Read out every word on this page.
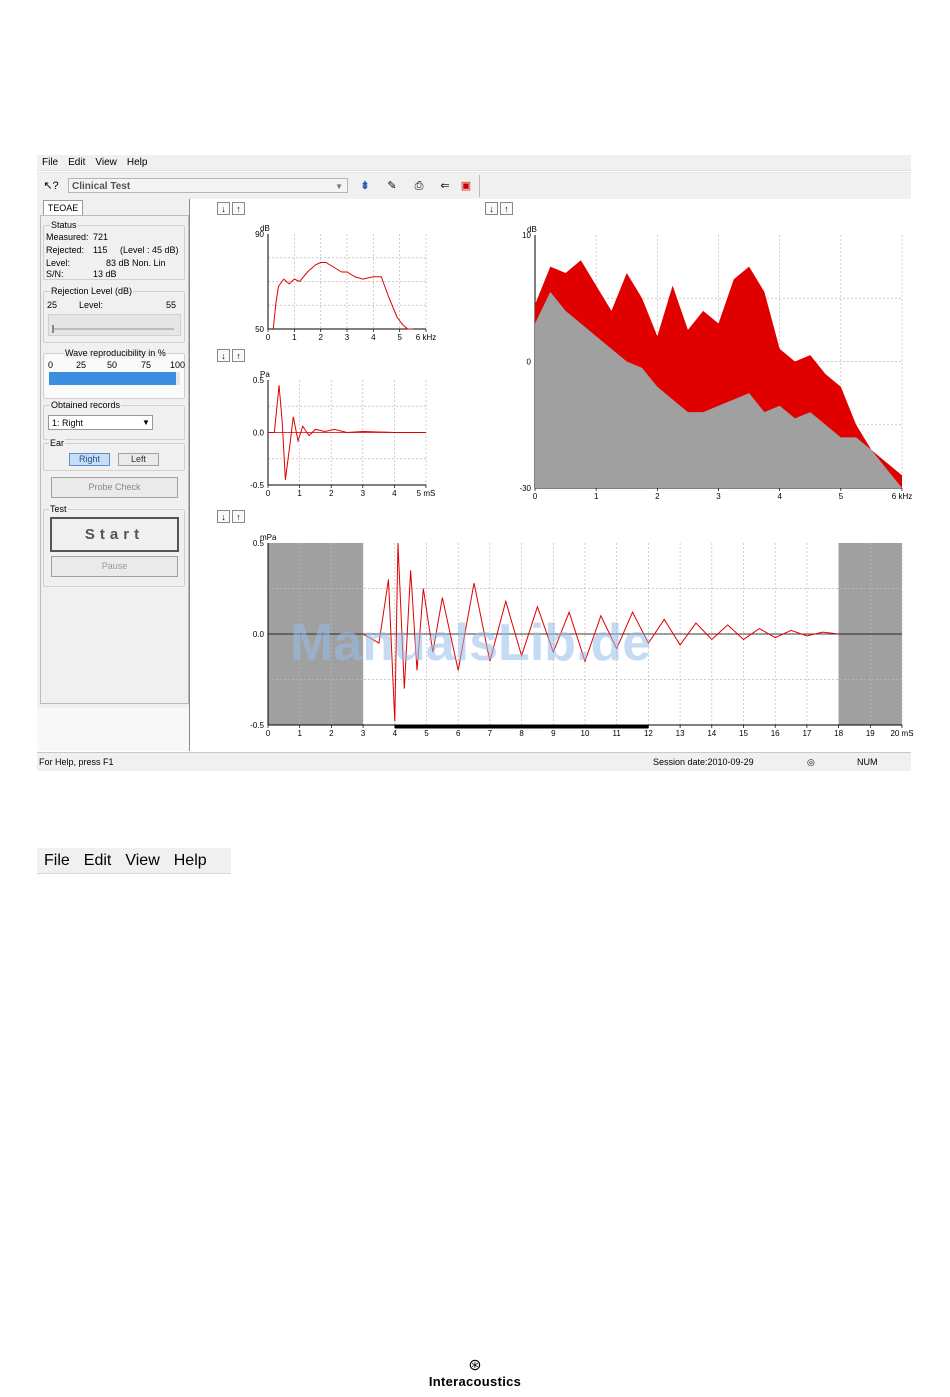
File Edit View Help
↖?	Clinical Test	▼	⇟	✎	⎙	⇐	▣
TEOAE
Status
Measured: 721
Rejected: 115 (Level : 45 dB)
Level:	83 dB Non. Lin
S/N:	13 dB
Rejection Level (dB)
25 Level:	55
Wave reproducibility in %
0	25 50	75 100
Obtained records
1: Right	▼
Ear
Right	Left
Probe Check
Test
Start
Pause
↓	↑	↓	↑
↓	↑
↓	↑
0	1	2	3	4	5 6 kHz
90
50
dB
0	1	2	3	4	5 mS
0.5
0.0
-0.5
Pa
0	1	2	3	4	5	6 kHz
10
0
-30
dB
0	1	2	3	4	5	6	7	8	9	10	11	12	13	14	15	16	17	18	19 20 mS
0.5
0.0
-0.5
mPa
For Help, press F1	Session date:2010-09-29	◎	NUM
ManualsLib.de
File Edit View Help
⊛
Interacoustics
